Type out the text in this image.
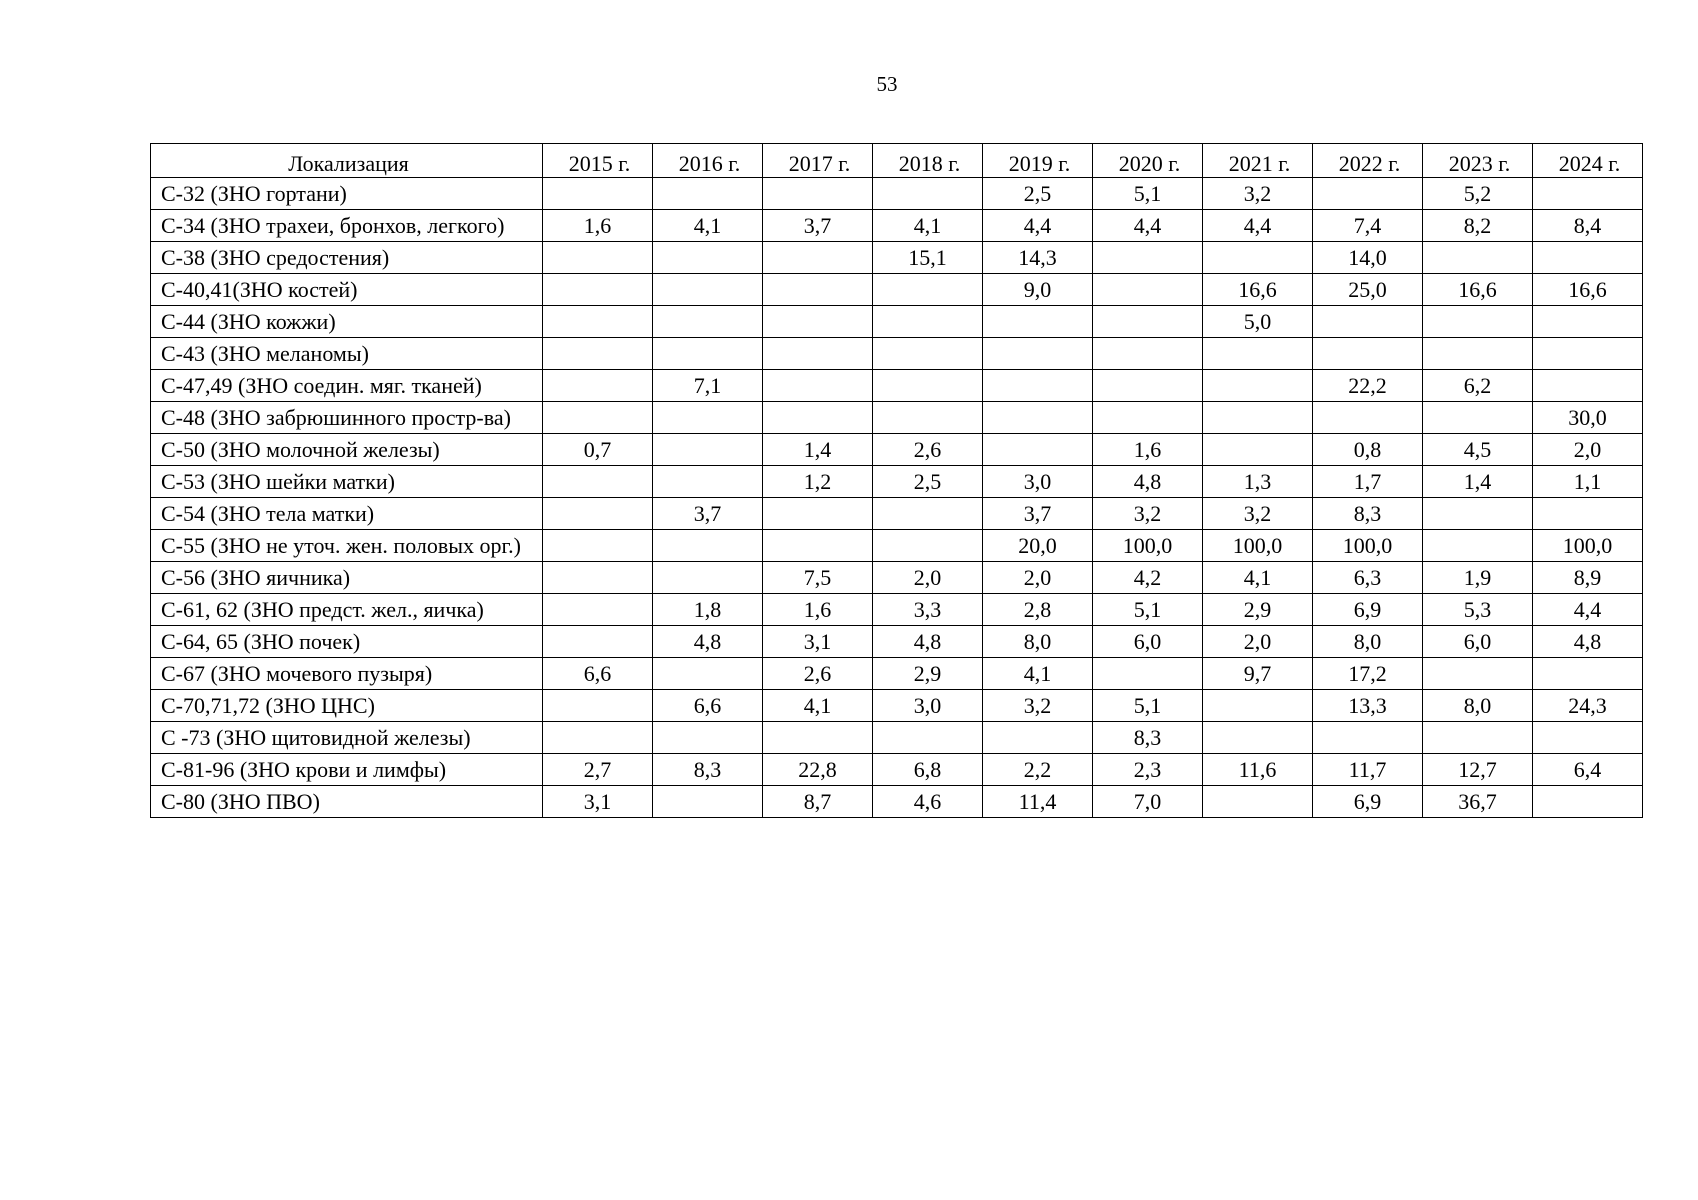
53
Локализация	2015 г.	2016 г.	2017 г.	2018 г.	2019 г.	2020 г.	2021 г.	2022 г.	2023 г.	2024 г.
С-32 (ЗНО гортани)					2,5	5,1	3,2		5,2	
С-34 (ЗНО трахеи, бронхов, легкого)	1,6	4,1	3,7	4,1	4,4	4,4	4,4	7,4	8,2	8,4
С-38 (ЗНО средостения)				15,1	14,3			14,0		
С-40,41(ЗНО костей)					9,0		16,6	25,0	16,6	16,6
С-44 (ЗНО кожжи)							5,0			
С-43 (ЗНО меланомы)										
С-47,49 (ЗНО соедин. мяг. тканей)		7,1						22,2	6,2	
С-48 (ЗНО забрюшинного простр-ва)										30,0
С-50 (ЗНО молочной железы)	0,7		1,4	2,6		1,6		0,8	4,5	2,0
С-53 (ЗНО шейки матки)			1,2	2,5	3,0	4,8	1,3	1,7	1,4	1,1
С-54 (ЗНО тела матки)		3,7			3,7	3,2	3,2	8,3		
С-55 (ЗНО не уточ. жен. половых орг.)					20,0	100,0	100,0	100,0		100,0
С-56 (ЗНО яичника)			7,5	2,0	2,0	4,2	4,1	6,3	1,9	8,9
С-61, 62 (ЗНО предст. жел., яичка)		1,8	1,6	3,3	2,8	5,1	2,9	6,9	5,3	4,4
С-64, 65 (ЗНО почек)		4,8	3,1	4,8	8,0	6,0	2,0	8,0	6,0	4,8
С-67 (ЗНО мочевого пузыря)	6,6		2,6	2,9	4,1		9,7	17,2		
С-70,71,72 (ЗНО ЦНС)		6,6	4,1	3,0	3,2	5,1		13,3	8,0	24,3
С -73 (ЗНО щитовидной железы)						8,3				
С-81-96 (ЗНО крови и лимфы)	2,7	8,3	22,8	6,8	2,2	2,3	11,6	11,7	12,7	6,4
С-80 (ЗНО ПВО)	3,1		8,7	4,6	11,4	7,0		6,9	36,7	
